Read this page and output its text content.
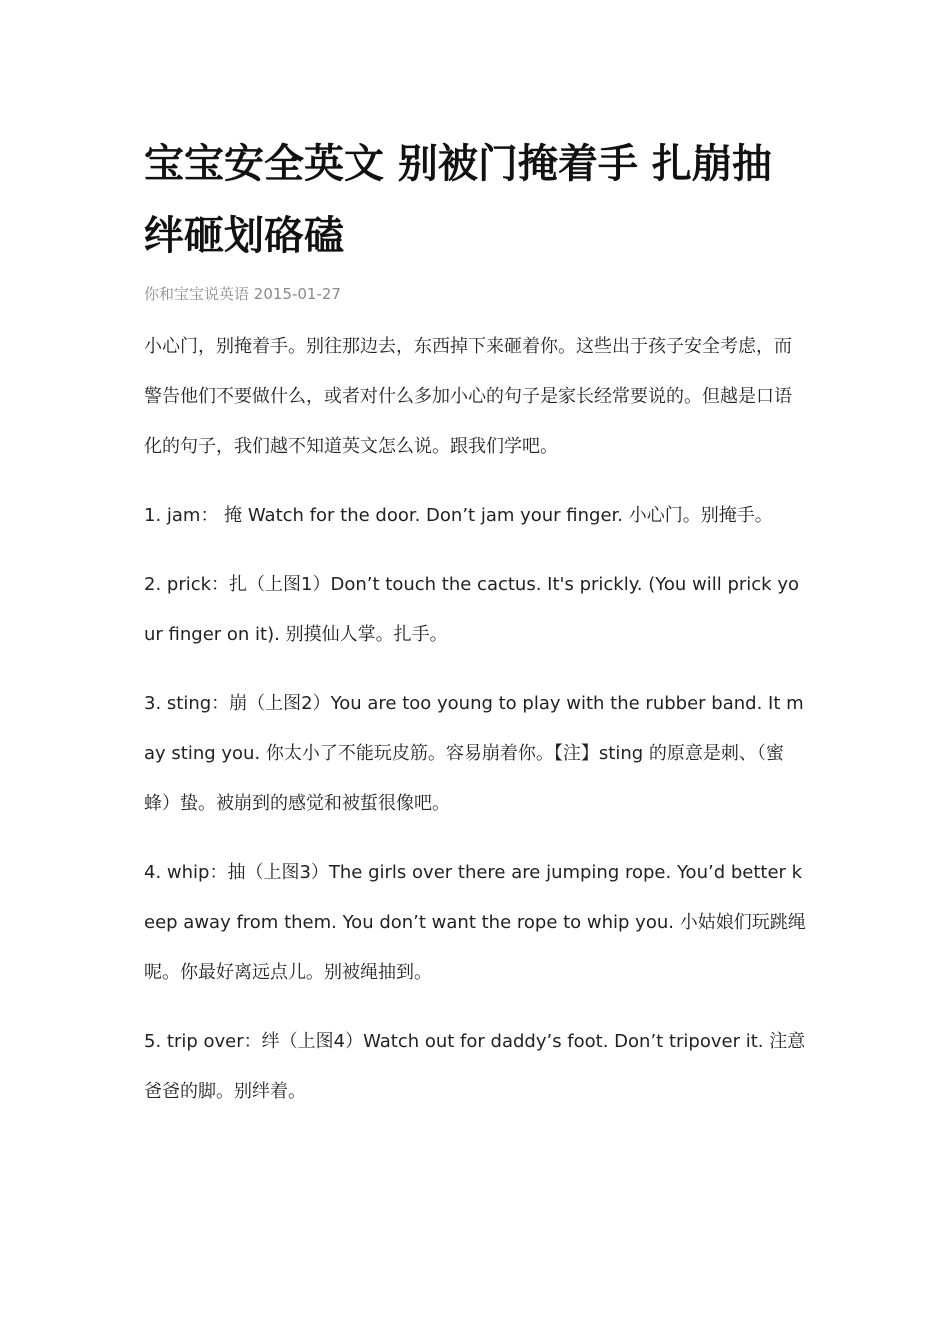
宝宝安全英文 别被门掩着手 扎崩抽绊砸划硌磕
你和宝宝说英语 2015-01-27

小心门，别掩着手。别往那边去，东西掉下来砸着你。这些出于孩子安全考虑，而警告他们不要做什么，或者对什么多加小心的句子是家长经常要说的。但越是口语化的句子，我们越不知道英文怎么说。跟我们学吧。

1. jam： 掩 Watch for the door. Don’t jam your finger. 小心门。别掩手。

2. prick：扎（上图1）Don’t touch the cactus. It's prickly. (You will prick your finger on it). 别摸仙人掌。扎手。

3. sting：崩（上图2）You are too young to play with the rubber band. It may sting you. 你太小了不能玩皮筋。容易崩着你。【注】sting 的原意是刺、（蜜蜂）蛰。被崩到的感觉和被蜇很像吧。

4. whip：抽（上图3）The girls over there are jumping rope. You’d better keep away from them. You don’t want the rope to whip you. 小姑娘们玩跳绳呢。你最好离远点儿。别被绳抽到。

5. trip over：绊（上图4）Watch out for daddy’s foot. Don’t tripover it. 注意爸爸的脚。别绊着。
